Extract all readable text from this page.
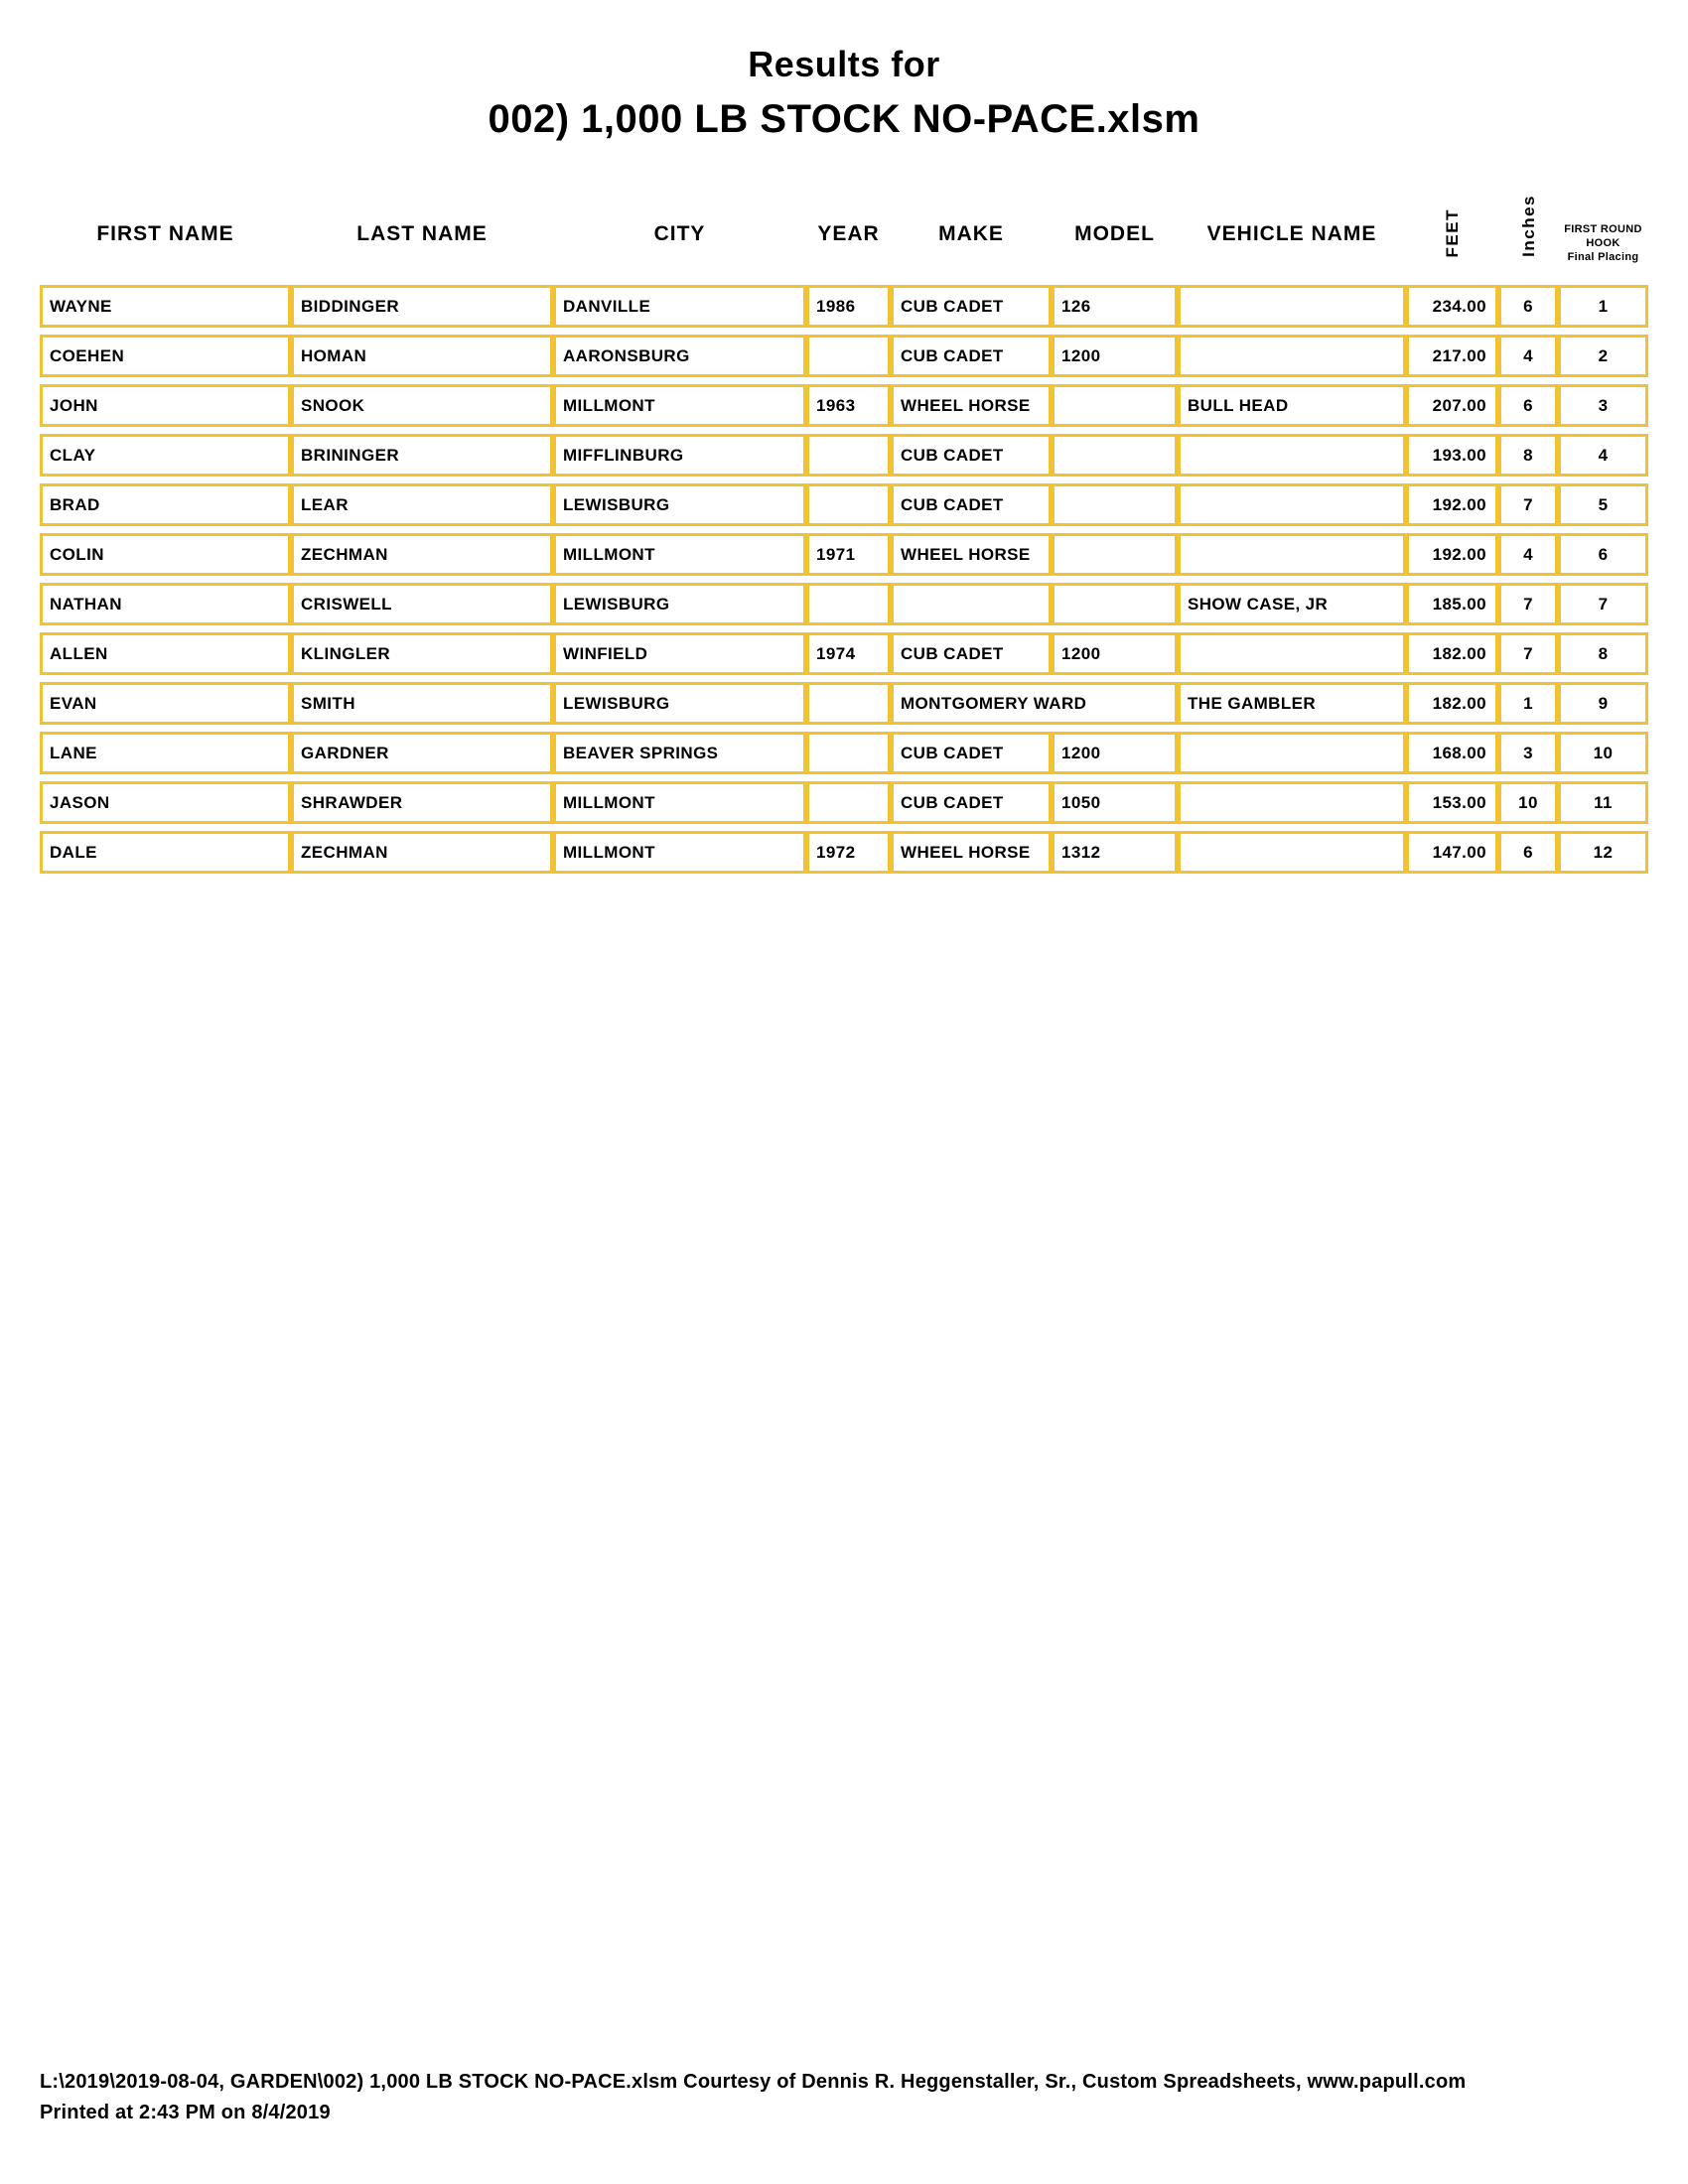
Results for
002) 1,000 LB STOCK NO-PACE.xlsm
FIRST NAME	LAST NAME	CITY	YEAR	MAKE	MODEL	VEHICLE NAME	FEET	Inches	FIRST ROUND
HOOK
Final Placing

WAYNE	BIDDINGER	DANVILLE	1986	CUB CADET	126		234.00	6	1
COEHEN	HOMAN	AARONSBURG		CUB CADET	1200		217.00	4	2
JOHN	SNOOK	MILLMONT	1963	WHEEL HORSE		BULL HEAD	207.00	6	3
CLAY	BRININGER	MIFFLINBURG		CUB CADET			193.00	8	4
BRAD	LEAR	LEWISBURG		CUB CADET			192.00	7	5
COLIN	ZECHMAN	MILLMONT	1971	WHEEL HORSE			192.00	4	6
NATHAN	CRISWELL	LEWISBURG				SHOW CASE, JR	185.00	7	7
ALLEN	KLINGLER	WINFIELD	1974	CUB CADET	1200		182.00	7	8
EVAN	SMITH	LEWISBURG		MONTGOMERY WARD		THE GAMBLER	182.00	1	9
LANE	GARDNER	BEAVER SPRINGS		CUB CADET	1200		168.00	3	10
JASON	SHRAWDER	MILLMONT		CUB CADET	1050		153.00	10	11
DALE	ZECHMAN	MILLMONT	1972	WHEEL HORSE	1312		147.00	6	12
L:\2019\2019-08-04, GARDEN\002) 1,000 LB STOCK NO-PACE.xlsm Courtesy of Dennis R. Heggenstaller, Sr., Custom Spreadsheets, www.papull.com
Printed at 2:43 PM on 8/4/2019
